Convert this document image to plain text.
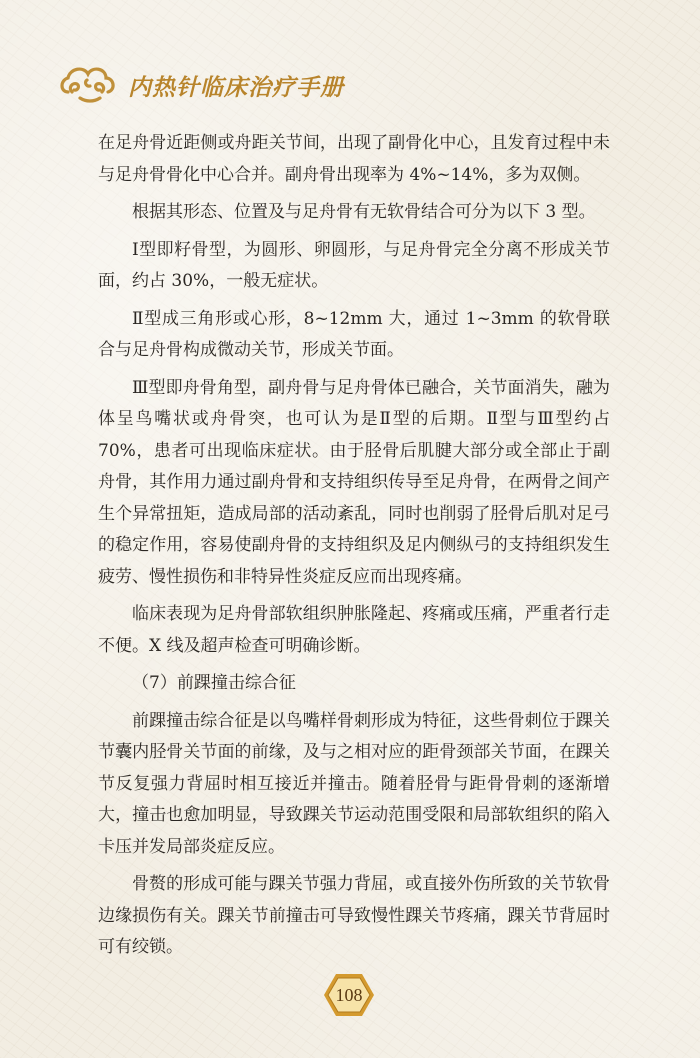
内热针临床治疗手册

在足舟骨近距侧或舟距关节间，出现了副骨化中心，且发育过程中未与足舟骨骨化中心合并。副舟骨出现率为 4%~14%，多为双侧。

根据其形态、位置及与足舟骨有无软骨结合可分为以下 3 型。

Ⅰ型即籽骨型，为圆形、卵圆形，与足舟骨完全分离不形成关节面，约占 30%，一般无症状。

Ⅱ型成三角形或心形，8~12mm 大，通过 1~3mm 的软骨联合与足舟骨构成微动关节，形成关节面。

Ⅲ型即舟骨角型，副舟骨与足舟骨体已融合，关节面消失，融为体呈鸟嘴状或舟骨突，也可认为是Ⅱ型的后期。Ⅱ型与Ⅲ型约占 70%，患者可出现临床症状。由于胫骨后肌腱大部分或全部止于副舟骨，其作用力通过副舟骨和支持组织传导至足舟骨，在两骨之间产生个异常扭矩，造成局部的活动紊乱，同时也削弱了胫骨后肌对足弓的稳定作用，容易使副舟骨的支持组织及足内侧纵弓的支持组织发生疲劳、慢性损伤和非特异性炎症反应而出现疼痛。

临床表现为足舟骨部软组织肿胀隆起、疼痛或压痛，严重者行走不便。X 线及超声检查可明确诊断。

（7）前踝撞击综合征

前踝撞击综合征是以鸟嘴样骨刺形成为特征，这些骨刺位于踝关节囊内胫骨关节面的前缘，及与之相对应的距骨颈部关节面，在踝关节反复强力背屈时相互接近并撞击。随着胫骨与距骨骨刺的逐渐增大，撞击也愈加明显，导致踝关节运动范围受限和局部软组织的陷入卡压并发局部炎症反应。

骨赘的形成可能与踝关节强力背屈，或直接外伤所致的关节软骨边缘损伤有关。踝关节前撞击可导致慢性踝关节疼痛，踝关节背屈时可有绞锁。

108
